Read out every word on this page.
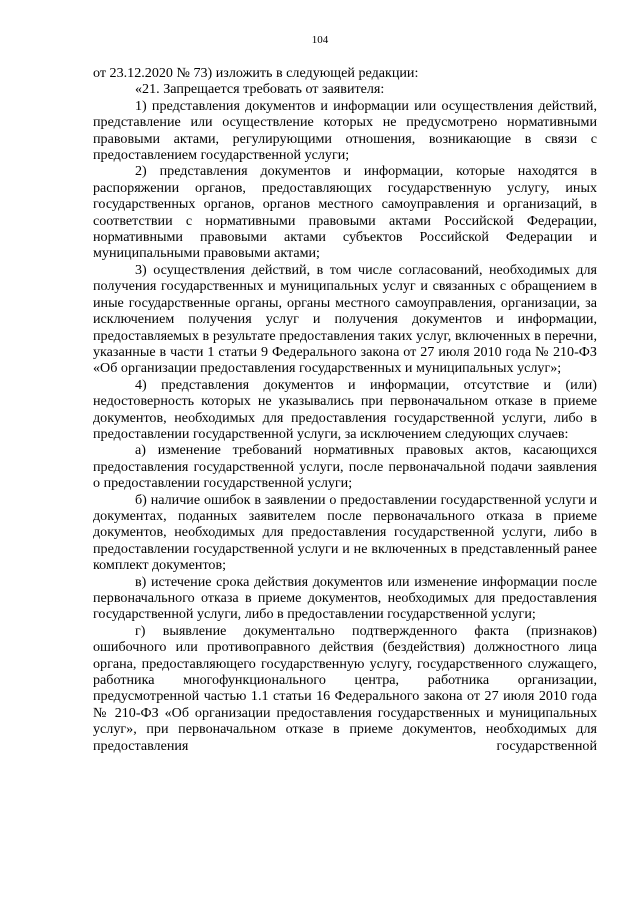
104

от 23.12.2020 № 73) изложить в следующей редакции:

«21. Запрещается требовать от заявителя:

1) представления документов и информации или осуществления действий, представление или осуществление которых не предусмотрено нормативными правовыми актами, регулирующими отношения, возникающие в связи с предоставлением государственной услуги;

2) представления документов и информации, которые находятся в распоряжении органов, предоставляющих государственную услугу, иных государственных органов, органов местного самоуправления и организаций, в соответствии с нормативными правовыми актами Российской Федерации, нормативными правовыми актами субъектов Российской Федерации и муниципальными правовыми актами;

3) осуществления действий, в том числе согласований, необходимых для получения государственных и муниципальных услуг и связанных с обращением в иные государственные органы, органы местного самоуправления, организации, за исключением получения услуг и получения документов и информации, предоставляемых в результате предоставления таких услуг, включенных в перечни, указанные в части 1 статьи 9 Федерального закона от 27 июля 2010 года № 210-ФЗ «Об организации предоставления государственных и муниципальных услуг»;

4) представления документов и информации, отсутствие и (или) недостоверность которых не указывались при первоначальном отказе в приеме документов, необходимых для предоставления государственной услуги, либо в предоставлении государственной услуги, за исключением следующих случаев:

а) изменение требований нормативных правовых актов, касающихся предоставления государственной услуги, после первоначальной подачи заявления о предоставлении государственной услуги;

б) наличие ошибок в заявлении о предоставлении государственной услуги и документах, поданных заявителем после первоначального отказа в приеме документов, необходимых для предоставления государственной услуги, либо в предоставлении государственной услуги и не включенных в представленный ранее комплект документов;

в) истечение срока действия документов или изменение информации после первоначального отказа в приеме документов, необходимых для предоставления государственной услуги, либо в предоставлении государственной услуги;

г) выявление документально подтвержденного факта (признаков) ошибочного или противоправного действия (бездействия) должностного лица органа, предоставляющего государственную услугу, государственного служащего, работника многофункционального центра, работника организации, предусмотренной частью 1.1 статьи 16 Федерального закона от 27 июля 2010 года № 210-ФЗ «Об организации предоставления государственных и муниципальных услуг», при первоначальном отказе в приеме документов, необходимых для предоставления государственной
